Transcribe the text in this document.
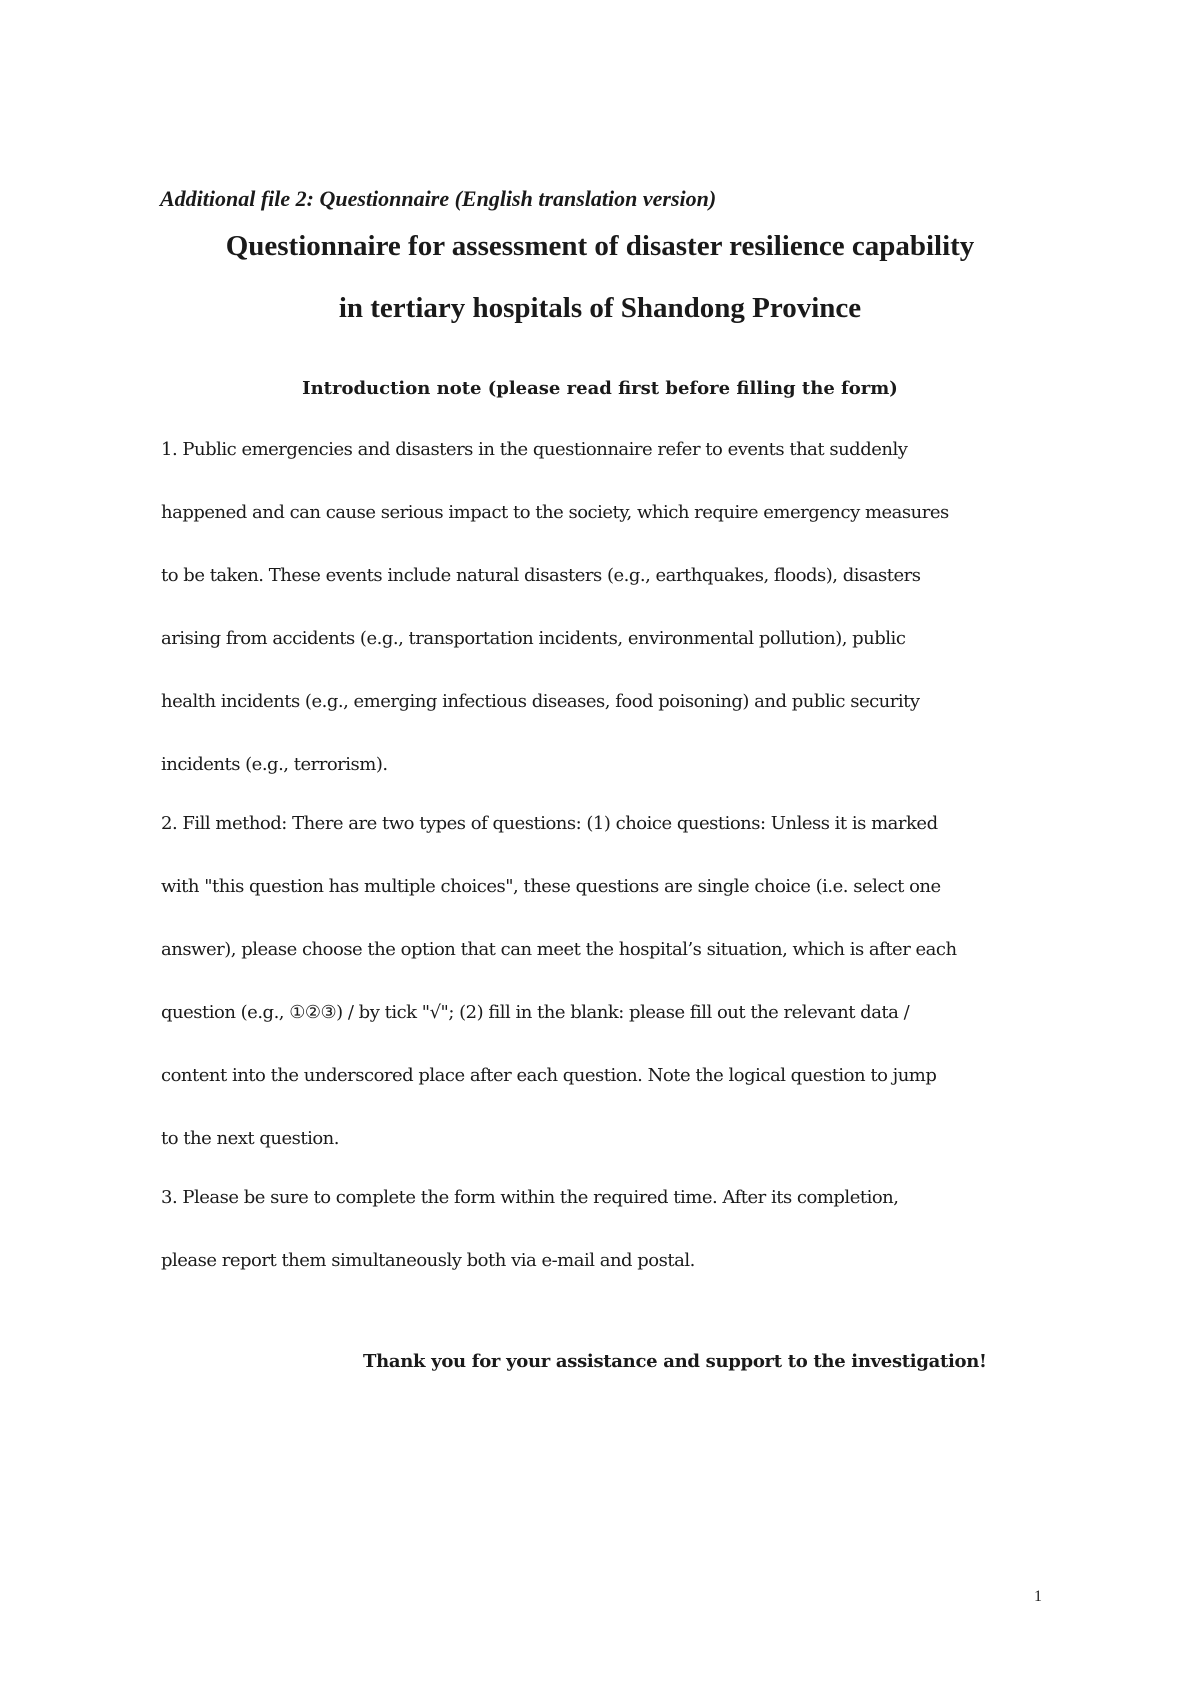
Additional file 2: Questionnaire (English translation version)
Questionnaire for assessment of disaster resilience capability
in tertiary hospitals of Shandong Province
Introduction note (please read first before filling the form)
1. Public emergencies and disasters in the questionnaire refer to events that suddenly
happened and can cause serious impact to the society, which require emergency measures
to be taken. These events include natural disasters (e.g., earthquakes, floods), disasters
arising from accidents (e.g., transportation incidents, environmental pollution), public
health incidents (e.g., emerging infectious diseases, food poisoning) and public security
incidents (e.g., terrorism).
2. Fill method: There are two types of questions: (1) choice questions: Unless it is marked
with "this question has multiple choices", these questions are single choice (i.e. select one
answer), please choose the option that can meet the hospital’s situation, which is after each
question (e.g., ①②③) / by tick "√"; (2) fill in the blank: please fill out the relevant data /
content into the underscored place after each question. Note the logical question to jump
to the next question.
3. Please be sure to complete the form within the required time. After its completion,
please report them simultaneously both via e-mail and postal.
Thank you for your assistance and support to the investigation!
1
